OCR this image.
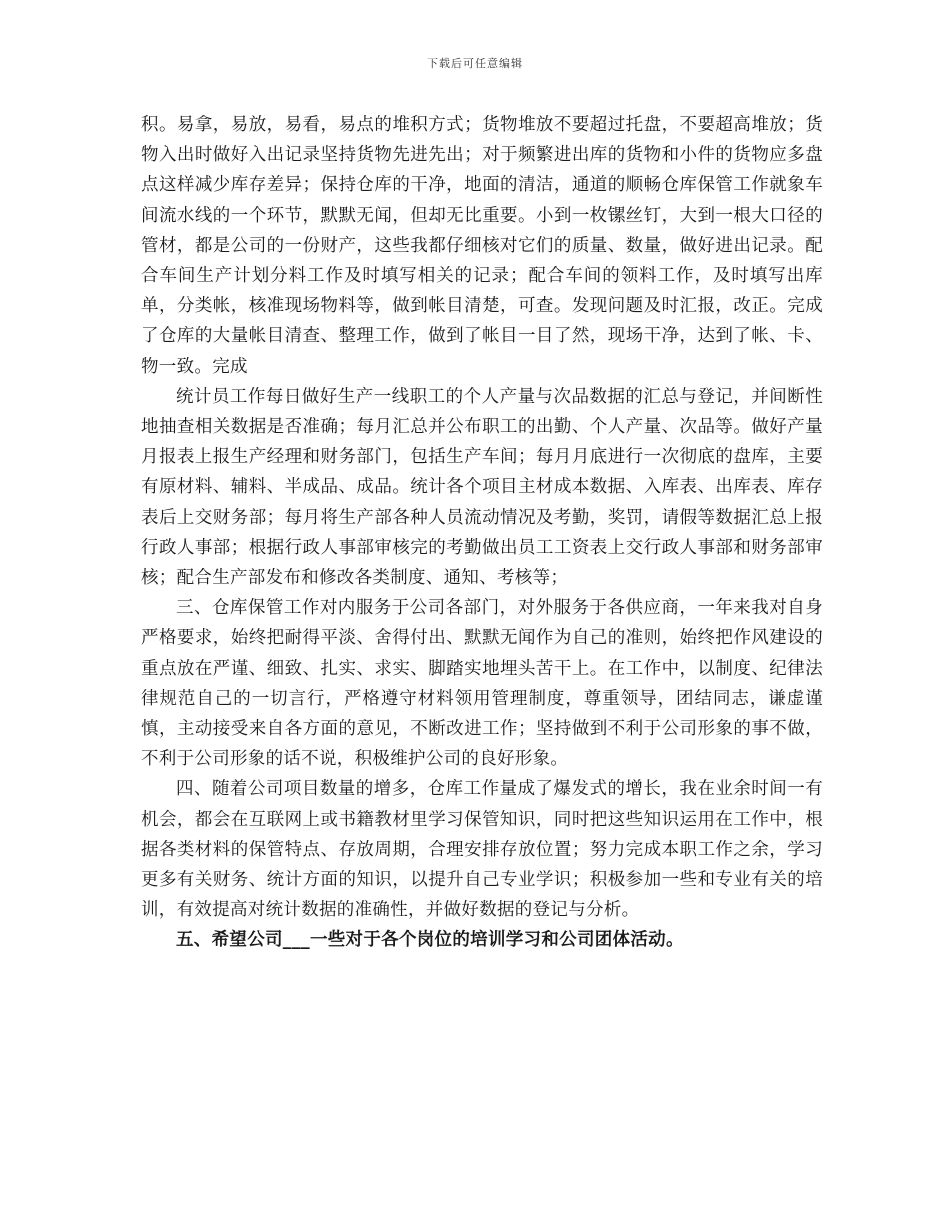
下载后可任意编辑

积。易拿，易放，易看，易点的堆积方式；货物堆放不要超过托盘，不要超高堆放；货物入出时做好入出记录坚持货物先进先出；对于频繁进出库的货物和小件的货物应多盘点这样减少库存差异；保持仓库的干净，地面的清洁，通道的顺畅仓库保管工作就象车间流水线的一个环节，默默无闻，但却无比重要。小到一枚镙丝钉，大到一根大口径的管材，都是公司的一份财产，这些我都仔细核对它们的质量、数量，做好进出记录。配合车间生产计划分料工作及时填写相关的记录；配合车间的领料工作，及时填写出库单，分类帐，核准现场物料等，做到帐目清楚，可查。发现问题及时汇报，改正。完成了仓库的大量帐目清查、整理工作，做到了帐目一目了然，现场干净，达到了帐、卡、物一致。完成

统计员工作每日做好生产一线职工的个人产量与次品数据的汇总与登记，并间断性地抽查相关数据是否准确；每月汇总并公布职工的出勤、个人产量、次品等。做好产量月报表上报生产经理和财务部门，包括生产车间；每月月底进行一次彻底的盘库，主要有原材料、辅料、半成品、成品。统计各个项目主材成本数据、入库表、出库表、库存表后上交财务部；每月将生产部各种人员流动情况及考勤，奖罚，请假等数据汇总上报行政人事部；根据行政人事部审核完的考勤做出员工工资表上交行政人事部和财务部审核；配合生产部发布和修改各类制度、通知、考核等；

三、仓库保管工作对内服务于公司各部门，对外服务于各供应商，一年来我对自身严格要求，始终把耐得平淡、舍得付出、默默无闻作为自己的准则，始终把作风建设的重点放在严谨、细致、扎实、求实、脚踏实地埋头苦干上。在工作中，以制度、纪律法律规范自己的一切言行，严格遵守材料领用管理制度，尊重领导，团结同志，谦虚谨慎，主动接受来自各方面的意见，不断改进工作；坚持做到不利于公司形象的事不做，不利于公司形象的话不说，积极维护公司的良好形象。

四、随着公司项目数量的增多，仓库工作量成了爆发式的增长，我在业余时间一有机会，都会在互联网上或书籍教材里学习保管知识，同时把这些知识运用在工作中，根据各类材料的保管特点、存放周期，合理安排存放位置；努力完成本职工作之余，学习更多有关财务、统计方面的知识，以提升自己专业学识；积极参加一些和专业有关的培训，有效提高对统计数据的准确性，并做好数据的登记与分析。

五、希望公司___一些对于各个岗位的培训学习和公司团体活动。
